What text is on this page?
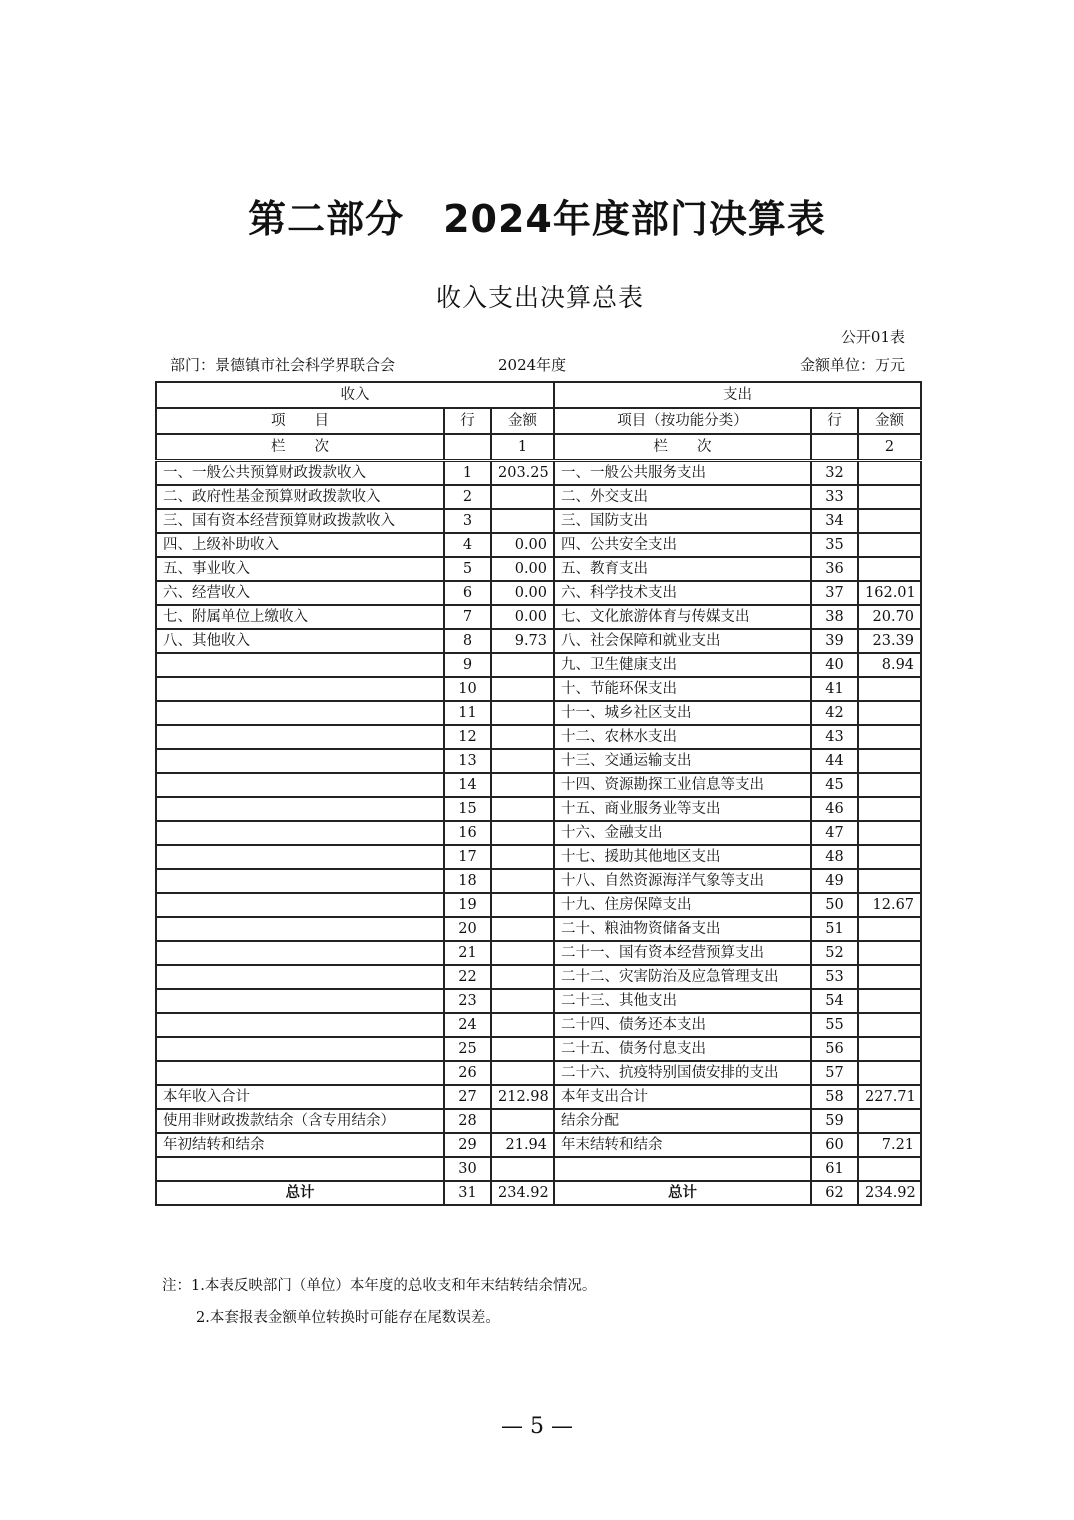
第二部分　2024年度部门决算表
收入支出决算总表
公开01表
部门：景德镇市社会科学界联合会	2024年度	金额单位：万元
收入			支出		
项　　目	行	金额	项目（按功能分类）	行	金额
栏　　次		1	栏　　次		2
一、一般公共预算财政拨款收入	1	203.25	一、一般公共服务支出	32	
二、政府性基金预算财政拨款收入	2		二、外交支出	33	
三、国有资本经营预算财政拨款收入	3		三、国防支出	34	
四、上级补助收入	4	0.00	四、公共安全支出	35	
五、事业收入	5	0.00	五、教育支出	36	
六、经营收入	6	0.00	六、科学技术支出	37	162.01
七、附属单位上缴收入	7	0.00	七、文化旅游体育与传媒支出	38	20.70
八、其他收入	8	9.73	八、社会保障和就业支出	39	23.39
	9		九、卫生健康支出	40	8.94
	10		十、节能环保支出	41	
	11		十一、城乡社区支出	42	
	12		十二、农林水支出	43	
	13		十三、交通运输支出	44	
	14		十四、资源勘探工业信息等支出	45	
	15		十五、商业服务业等支出	46	
	16		十六、金融支出	47	
	17		十七、援助其他地区支出	48	
	18		十八、自然资源海洋气象等支出	49	
	19		十九、住房保障支出	50	12.67
	20		二十、粮油物资储备支出	51	
	21		二十一、国有资本经营预算支出	52	
	22		二十二、灾害防治及应急管理支出	53	
	23		二十三、其他支出	54	
	24		二十四、债务还本支出	55	
	25		二十五、债务付息支出	56	
	26		二十六、抗疫特别国债安排的支出	57	
本年收入合计	27	212.98	本年支出合计	58	227.71
使用非财政拨款结余（含专用结余）	28		结余分配	59	
年初结转和结余	29	21.94	年末结转和结余	60	7.21
	30			61	
总计	31	234.92	总计	62	234.92
注：1.本表反映部门（单位）本年度的总收支和年末结转结余情况。
2.本套报表金额单位转换时可能存在尾数误差。
— 5 —
